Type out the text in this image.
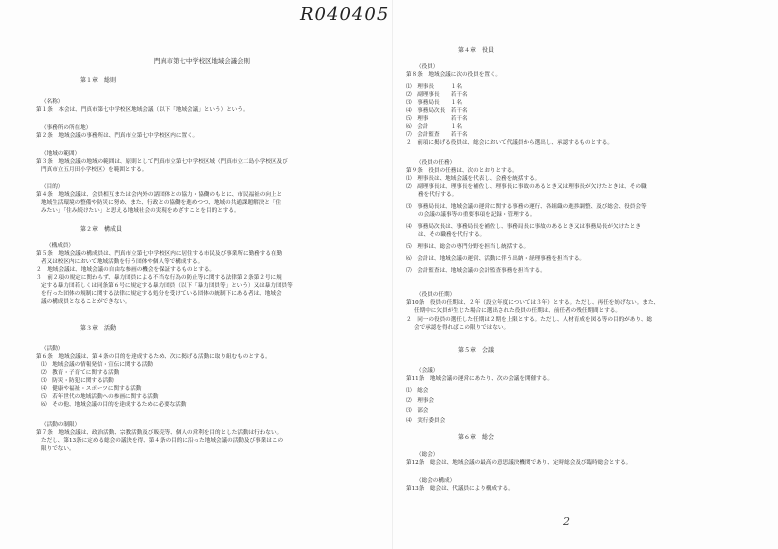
R040405
門真市第七中学校区地域会議会則
第１章　総則
（名称）
第１条　本会は、門真市第七中学校区地域会議（以下「地域会議」という）という。
（事務所の所在地）
第２条　地域会議の事務所は、門真市立第七中学校区内に置く。
（地域の範囲）
第３条　地域会議の地域の範囲は、原則として門真市立第七中学校区域（門真市立二島小学校区及び
門真市立五月田小学校区）を範囲とする。
（目的）
第４条　地域会議は、会員相互または会内外の諸団体との協力・協働のもとに、市民福祉の向上と
地域生活環境の整備や防災に努め、また、行政との協働を進めつつ、地域の共通課題解決と「住
みたい」「住み続けたい」と思える地域社会の実現をめざすことを目的とする。
第２章　構成員
（構成員）
第５条　地域会議の構成員は、門真市立第七中学校区内に居住する市民及び事業所に勤務する在勤
者又は校区内において地域活動を行う団体や個人等で構成する。
２　地域会議は、地域会議の自由な参画の機会を保証するものとする。
３　前２項の規定に関わらず、暴力団員による不当な行為の防止等に関する法律第２条第２号に規
定する暴力団若しくは同条第６号に規定する暴力団員（以下「暴力団員等」という）又は暴力団員等
を行った団体の規制に関する法律に規定する処分を受けている団体の統制下にある者は、地域会
議の構成員となることができない。
第３章　活動
（活動）
第６条　地域会議は、第４条の目的を達成するため、次に掲げる活動に取り組むものとする。
⑴　地域会議の情報発信・宣伝に関する活動
⑵　教育・子育てに関する活動
⑶　防災・防犯に関する活動
⑷　健康や福祉・スポーツに関する活動
⑸　若年世代の地域活動への参画に関する活動
⑹　その他、地域会議の目的を達成するために必要な活動
（活動の制限）
第７条　地域会議は、政治活動、宗教活動及び販売等、個人の営利を目的とした活動は行わない。
ただし、第13条に定める総会の議決を得、第４条の目的に沿った地域会議の活動及び事業はこの
限りでない。
第４章　役員
（役員）
第８条　地域会議に次の役員を置く。
⑴　理事長　　　１名
⑵　副理事長　　若干名
⑶　事務局長　　１名
⑷　事務局次長　若干名
⑸　理事　　　　若干名
⑹　会計　　　　１名
⑺　会計監査　　若干名
２　前項に掲げる役員は、総会において代議員から選出し、承認するものとする。
（役員の任務）
第９条　役員の任務は、次のとおりとする。
⑴　理事長は、地域会議を代表し、会務を統括する。
⑵　副理事長は、理事長を補佐し、理事長に事故のあるとき又は理事長が欠けたときは、その職
務を代行する。
⑶　事務局長は、地域会議の運営に関する事務の運行、各組織の進捗調整、及び総会、役員会等
の会議の議事等の重要事項を記録・管理する。
⑷　事務局次長は、事務局長を補佐し、事務局長に事故のあるとき又は事務局長が欠けたとき
は、その職務を代行する。
⑸　理事は、総会の専門分野を担当し統括する。
⑹　会計は、地域会議の運営、活動に伴う出納・経理事務を担当する。
⑺　会計監査は、地域会議の会計監査事務を担当する。
（役員の任期）
第10条　役員の任期は、２年（設立年度については３年）とする。ただし、再任を妨げない。また、
任期中に欠員が生じた場合に選出された役員の任期は、前任者の残任期間とする。
２　同一の役員の選任した任期は２期を上限とする。ただし、人材育成を図る等の目的があり、総
会で承認を得ればこの限りではない。
第５章　会議
（会議）
第11条　地域会議の運営にあたり、次の会議を開催する。
⑴　総会
⑵　理事会
⑶　部会
⑷　実行委員会
第６章　総会
（総会）
第12条　総会は、地域会議の最高の意思議決機関であり、定時総会及び臨時総会とする。
（総会の構成）
第13条　総会は、代議員により構成する。
2
